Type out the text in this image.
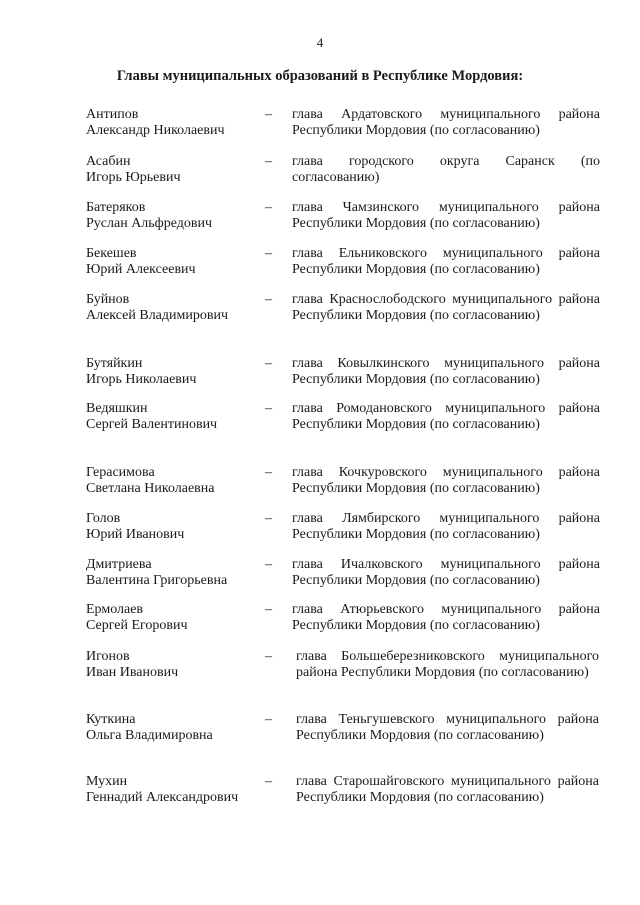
4
Главы муниципальных образований в Республике Мордовия:
Антипов
Александр Николаевич
– глава Ардатовского муниципального района Республики Мордовия (по согласованию)
Асабин
Игорь Юрьевич
– глава городского округа Саранск (по согласованию)
Батеряков
Руслан Альфредович
– глава Чамзинского муниципального района Республики Мордовия (по согласованию)
Бекешев
Юрий Алексеевич
– глава Ельниковского муниципального района Республики Мордовия (по согласованию)
Буйнов
Алексей Владимирович
– глава Краснослободского муниципального района Республики Мордовия (по согласованию)
Бутяйкин
Игорь Николаевич
– глава Ковылкинского муниципального района Республики Мордовия (по согласованию)
Ведяшкин
Сергей Валентинович
– глава Ромодановского муниципального района Республики Мордовия (по согласованию)
Герасимова
Светлана Николаевна
– глава Кочкуровского муниципального района Республики Мордовия (по согласованию)
Голов
Юрий Иванович
– глава Лямбирского муниципального района Республики Мордовия (по согласованию)
Дмитриева
Валентина Григорьевна
– глава Ичалковского муниципального района Республики Мордовия (по согласованию)
Ермолаев
Сергей Егорович
– глава Атюрьевского муниципального района Республики Мордовия (по согласованию)
Игонов
Иван Иванович
– глава Большеберезниковского муниципального района Республики Мордовия (по согласованию)
Куткина
Ольга Владимировна
– глава Теньгушевского муниципального района Республики Мордовия (по согласованию)
Мухин
Геннадий Александрович
– глава Старошайговского муниципального района Республики Мордовия (по согласованию)
